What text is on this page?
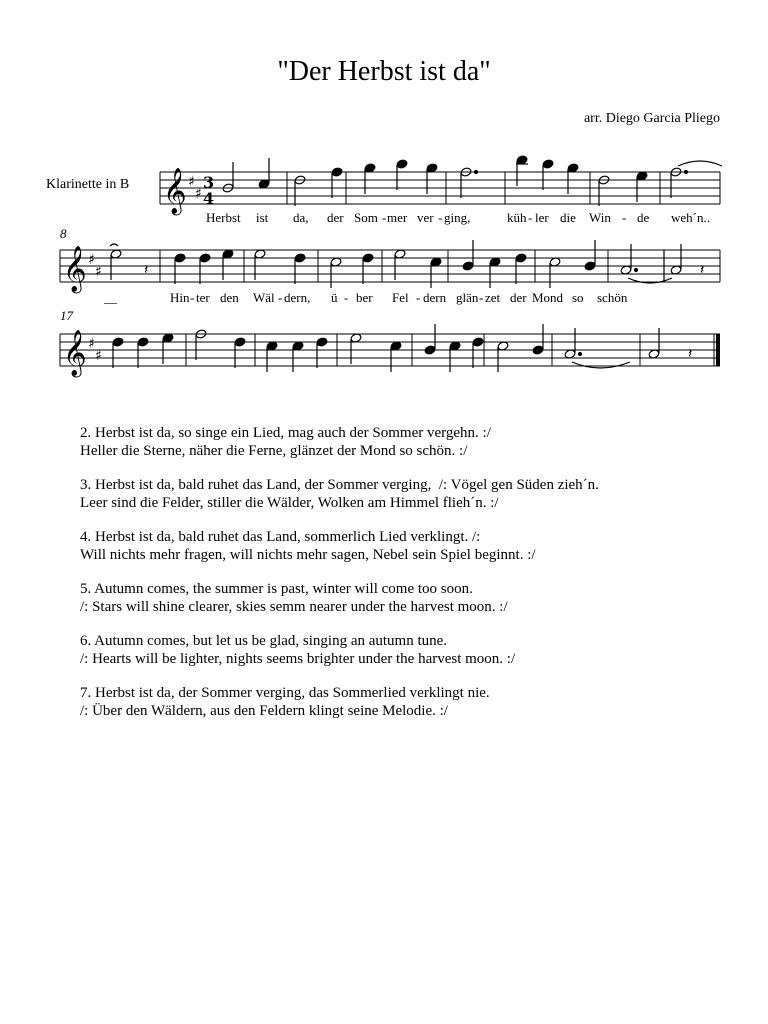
"Der Herbst ist da"
arr. Diego Garcia Pliego
Klarinette in B 𝄞 ♯
♯
3
4
Herbst ist da, der Som - mer ver - ging,	küh - ler die Win - de weh´n..
8
𝄞 ♯
♯	𝄽	𝄽
__	Hin - ter den Wäl - dern, ü - ber Fel - dern glän - zet der Mond so schön
17
𝄞 ♯
♯	𝄽
2. Herbst ist da, so singe ein Lied, mag auch der Sommer vergehn. :/
Heller die Sterne, näher die Ferne, glänzet der Mond so schön. :/
3. Herbst ist da, bald ruhet das Land, der Sommer verging,  /: Vögel gen Süden zieh´n.
Leer sind die Felder, stiller die Wälder, Wolken am Himmel flieh´n. :/
4. Herbst ist da, bald ruhet das Land, sommerlich Lied verklingt. /:
Will nichts mehr fragen, will nichts mehr sagen, Nebel sein Spiel beginnt. :/
5. Autumn comes, the summer is past, winter will come too soon.
/: Stars will shine clearer, skies semm nearer under the harvest moon. :/
6. Autumn comes, but let us be glad, singing an autumn tune.
/: Hearts will be lighter, nights seems brighter under the harvest moon. :/
7. Herbst ist da, der Sommer verging, das Sommerlied verklingt nie.
/: Über den Wäldern, aus den Feldern klingt seine Melodie. :/
